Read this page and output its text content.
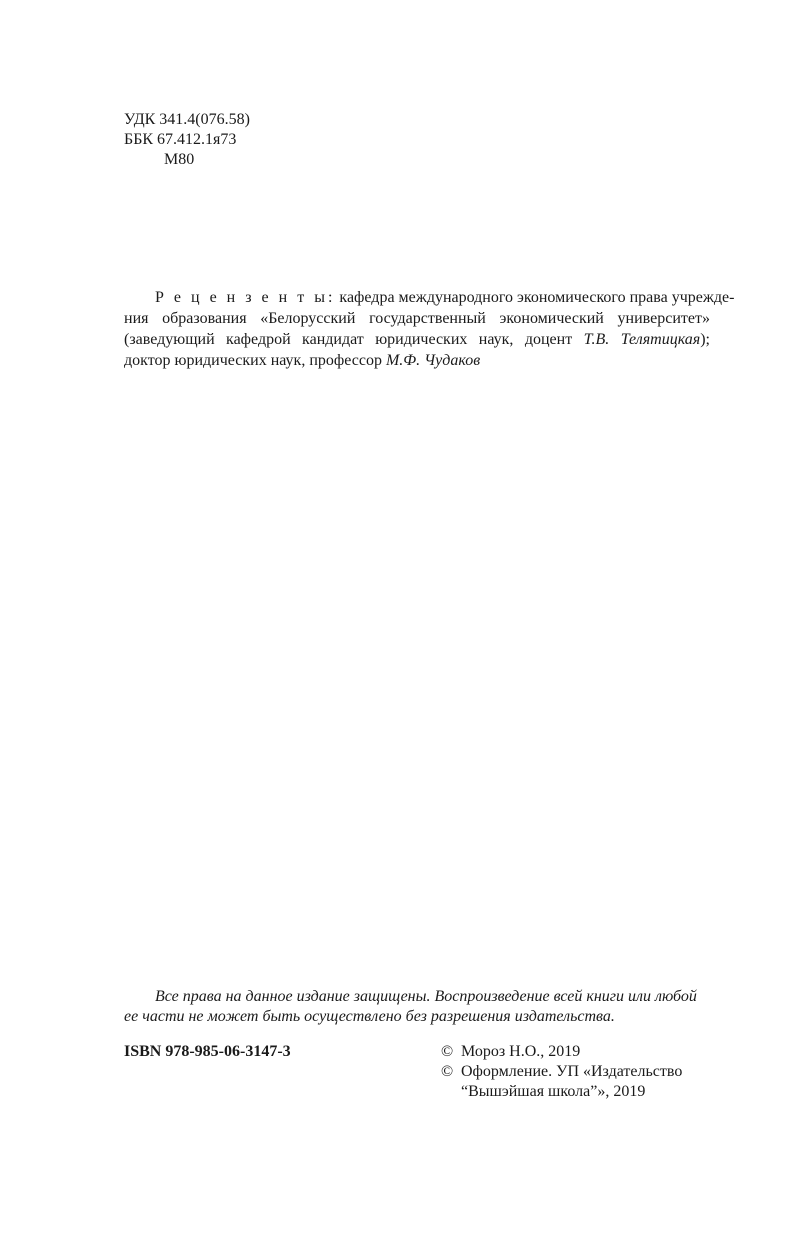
УДК 341.4(076.58)
ББК 67.412.1я73
М80
Р е ц е н з е н т ы: кафедра международного экономического права учрежде-
ния образования «Белорусский государственный экономический университет»
(заведующий кафедрой кандидат юридических наук, доцент Т.В. Телятицкая);
доктор юридических наук, профессор М.Ф. Чудаков
Все права на данное издание защищены. Воспроизведение всей книги или любой
ее части не может быть осуществлено без разрешения издательства.
ISBN 978-985-06-3147-3	© Мороз Н.О., 2019
© Оформление. УП «Издательство
“Вышэйшая школа”», 2019
